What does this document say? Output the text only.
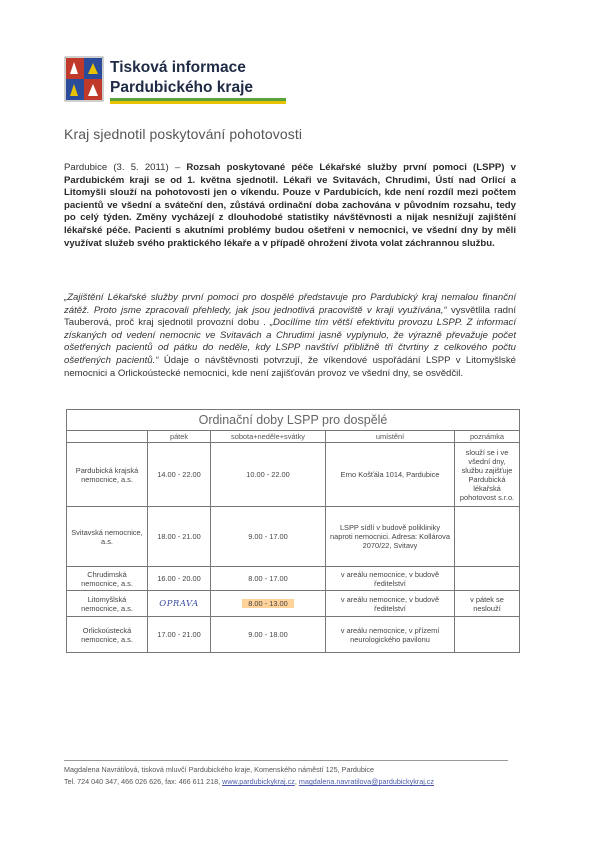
Tisková informace
Pardubického kraje
Kraj sjednotil poskytování pohotovosti
Pardubice (3. 5. 2011) – Rozsah poskytované péče Lékařské služby první pomoci (LSPP) v Pardubickém kraji se od 1. května sjednotil. Lékaři ve Svitavách, Chrudimi, Ústí nad Orlicí a Litomyšli slouží na pohotovosti jen o víkendu. Pouze v Pardubicích, kde není rozdíl mezi počtem pacientů ve všední a sváteční den, zůstává ordinační doba zachována v původním rozsahu, tedy po celý týden. Změny vycházejí z dlouhodobé statistiky návštěvnosti a nijak nesnižují zajištění lékařské péče. Pacienti s akutními problémy budou ošetřeni v nemocnici, ve všední dny by měli využívat služeb svého praktického lékaře a v případě ohrožení života volat záchrannou službu.
„Zajištění Lékařské služby první pomoci pro dospělé představuje pro Pardubický kraj nemalou finanční zátěž. Proto jsme zpracovali přehledy, jak jsou jednotlivá pracoviště v kraji využívána,“ vysvětlila radní Tauberová, proč kraj sjednotil provozní dobu . „Docílíme tím větší efektivitu provozu LSPP. Z informací získaných od vedení nemocnic ve Svitavách a Chrudimi jasně vyplynulo, že výrazně převažuje počet ošetřených pacientů od pátku do neděle, kdy LSPP navštíví přibližně tři čtvrtiny z celkového počtu ošetřených pacientů.“ Údaje o návštěvnosti potvrzují, že víkendové uspořádání LSPP v Litomyšlské nemocnici a Orlickoústecké nemocnici, kde není zajišťován provoz ve všední dny, se osvědčil.
Ordinační doby LSPP pro dospělé				
	pátek	sobota+neděle+svátky	umístění	poznámka
Pardubická krajská nemocnice, a.s.	14.00 - 22.00	10.00 - 22.00	Erno Košťála 1014, Pardubice	slouží se i ve všední dny, službu zajišťuje Pardubická lékařská pohotovost s.r.o.
Svitavská nemocnice, a.s.	18.00 - 21.00	9.00 - 17.00	LSPP sídlí v budově polikliniky naproti nemocnici. Adresa: Kollárova 2070/22, Svitavy	
Chrudimská nemocnice, a.s.	16.00 - 20.00	8.00 - 17.00	v areálu nemocnice, v budově ředitelství	
Litomyšlská nemocnice, a.s.	OPRAVA	8.00 - 13.00	v areálu nemocnice, v budově ředitelství	v pátek se neslouží
Orlickoústecká nemocnice, a.s.	17.00 - 21.00	9.00 - 18.00	v areálu nemocnice, v přízemí neurologického pavilonu	
Magdalena Navrátilová, tisková mluvčí Pardubického kraje, Komenského náměstí 125, Pardubice
Tel. 724 040 347, 466 026 626, fax: 466 611 218, www.pardubickykraj.cz, magdalena.navratilova@pardubickykraj.cz
